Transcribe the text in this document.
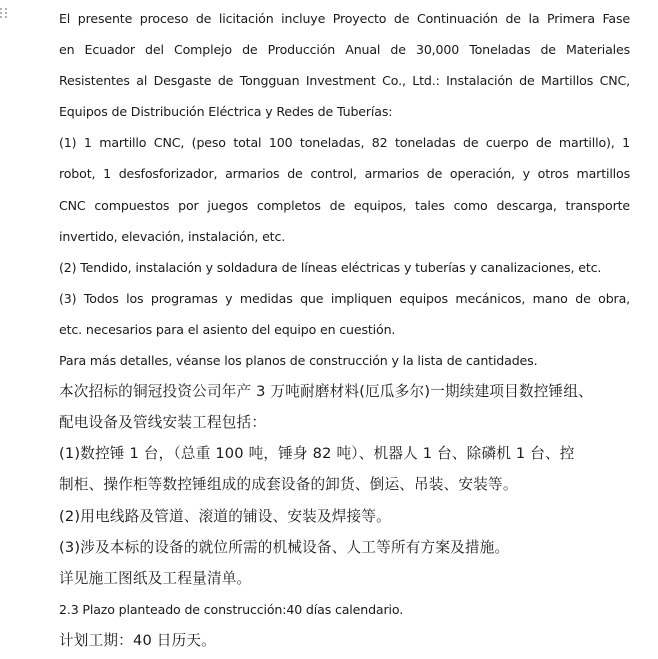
El presente proceso de licitación incluye Proyecto de Continuación de la Primera Fase
en Ecuador del Complejo de Producción Anual de 30,000 Toneladas de Materiales
Resistentes al Desgaste de Tongguan Investment Co., Ltd.: Instalación de Martillos CNC,
Equipos de Distribución Eléctrica y Redes de Tuberías:
(1) 1 martillo CNC, (peso total 100 toneladas, 82 toneladas de cuerpo de martillo), 1
robot, 1 desfosforizador, armarios de control, armarios de operación, y otros martillos
CNC compuestos por juegos completos de equipos, tales como descarga, transporte
invertido, elevación, instalación, etc.
(2) Tendido, instalación y soldadura de líneas eléctricas y tuberías y canalizaciones, etc.
(3) Todos los programas y medidas que impliquen equipos mecánicos, mano de obra,
etc. necesarios para el asiento del equipo en cuestión.
Para más detalles, véanse los planos de construcción y la lista de cantidades.
本次招标的铜冠投资公司年产 3 万吨耐磨材料(厄瓜多尔)一期续建项目数控锤组、
配电设备及管线安装工程包括：
(1)数控锤 1 台，（总重 100 吨，锤身 82 吨）、机器人 1 台、除磷机 1 台、控
制柜、操作柜等数控锤组成的成套设备的卸货、倒运、吊装、安装等。
(2)用电线路及管道、滚道的铺设、安装及焊接等。
(3)涉及本标的设备的就位所需的机械设备、人工等所有方案及措施。
详见施工图纸及工程量清单。
2.3 Plazo planteado de construcción:40 días calendario.
计划工期：40 日历天。
